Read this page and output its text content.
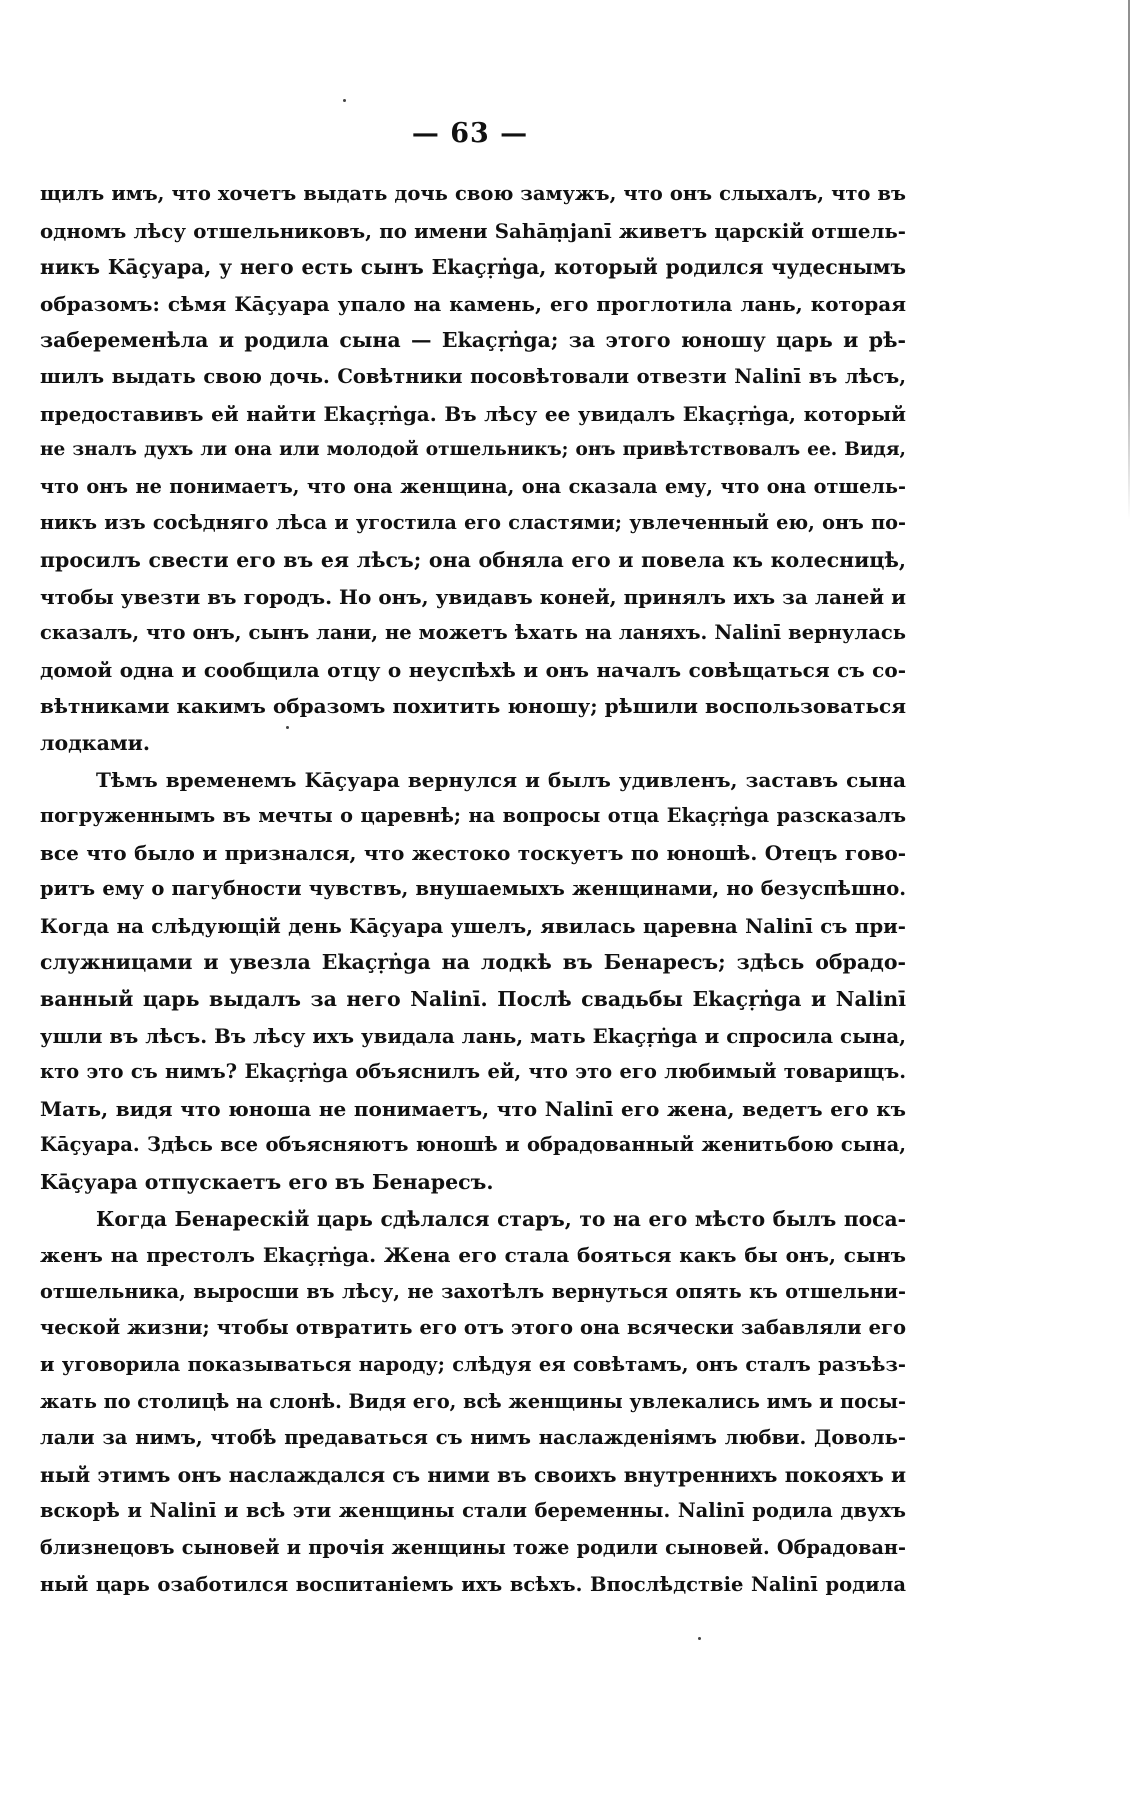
— 63 —
щилъ имъ, что хочетъ выдать дочь свою замужъ, что онъ слыхалъ, что въ
одномъ лѣсу отшельниковъ, по имени Sahāṃjanī живетъ царскій отшель-
никъ Kāçуара, у него есть сынъ Ekaçṛṅga, который родился чудеснымъ
образомъ: сѣмя Kāçуара упало на камень, его проглотила лань, которая
забеременѣла и родила сына — Ekaçṛṅga; за этого юношу царь и рѣ-
шилъ выдать свою дочь. Совѣтники посовѣтовали отвезти Nalinī въ лѣсъ,
предоставивъ ей найти Ekaçṛṅga. Въ лѣсу ее увидалъ Ekaçṛṅga, который
не зналъ духъ ли она или молодой отшельникъ; онъ привѣтствовалъ ее. Видя,
что онъ не понимаетъ, что она женщина, она сказала ему, что она отшель-
никъ изъ сосѣдняго лѣса и угостила его сластями; увлеченный ею, онъ по-
просилъ свести его въ ея лѣсъ; она обняла его и повела къ колесницѣ,
чтобы увезти въ городъ. Но онъ, увидавъ коней, принялъ ихъ за ланей и
сказалъ, что онъ, сынъ лани, не можетъ ѣхать на ланяхъ. Nalinī вернулась
домой одна и сообщила отцу о неуспѣхѣ и онъ началъ совѣщаться съ со-
вѣтниками какимъ образомъ похитить юношу; рѣшили воспользоваться
лодками.
Тѣмъ временемъ Kāçуара вернулся и былъ удивленъ, заставъ сына
погруженнымъ въ мечты о царевнѣ; на вопросы отца Ekaçṛṅga разсказалъ
все что было и признался, что жестоко тоскуетъ по юношѣ. Отецъ гово-
ритъ ему о пагубности чувствъ, внушаемыхъ женщинами, но безуспѣшно.
Когда на слѣдующій день Kāçуара ушелъ, явилась царевна Nalinī съ при-
служницами и увезла Ekaçṛṅga на лодкѣ въ Бенаресъ; здѣсь обрадо-
ванный царь выдалъ за него Nalinī. Послѣ свадьбы Ekaçṛṅga и Nalinī
ушли въ лѣсъ. Въ лѣсу ихъ увидала лань, мать Ekaçṛṅga и спросила сына,
кто это съ нимъ? Ekaçṛṅga объяснилъ ей, что это его любимый товарищъ.
Мать, видя что юноша не понимаетъ, что Nalinī его жена, ведетъ его къ
Kāçуара. Здѣсь все объясняютъ юношѣ и обрадованный женитьбою сына,
Kāçуара отпускаетъ его въ Бенаресъ.
Когда Бенарескій царь сдѣлался старъ, то на его мѣсто былъ поса-
женъ на престолъ Ekaçṛṅga. Жена его стала бояться какъ бы онъ, сынъ
отшельника, выросши въ лѣсу, не захотѣлъ вернуться опять къ отшельни-
ческой жизни; чтобы отвратить его отъ этого она всячески забавляли его
и уговорила показываться народу; слѣдуя ея совѣтамъ, онъ сталъ разъѣз-
жать по столицѣ на слонѣ. Видя его, всѣ женщины увлекались имъ и посы-
лали за нимъ, чтобѣ предаваться съ нимъ наслажденіямъ любви. Доволь-
ный этимъ онъ наслаждался съ ними въ своихъ внутреннихъ покояхъ и
вскорѣ и Nalinī и всѣ эти женщины стали беременны. Nalinī родила двухъ
близнецовъ сыновей и прочія женщины тоже родили сыновей. Обрадован-
ный царь озаботился воспитаніемъ ихъ всѣхъ. Впослѣдствіе Nalinī родила
